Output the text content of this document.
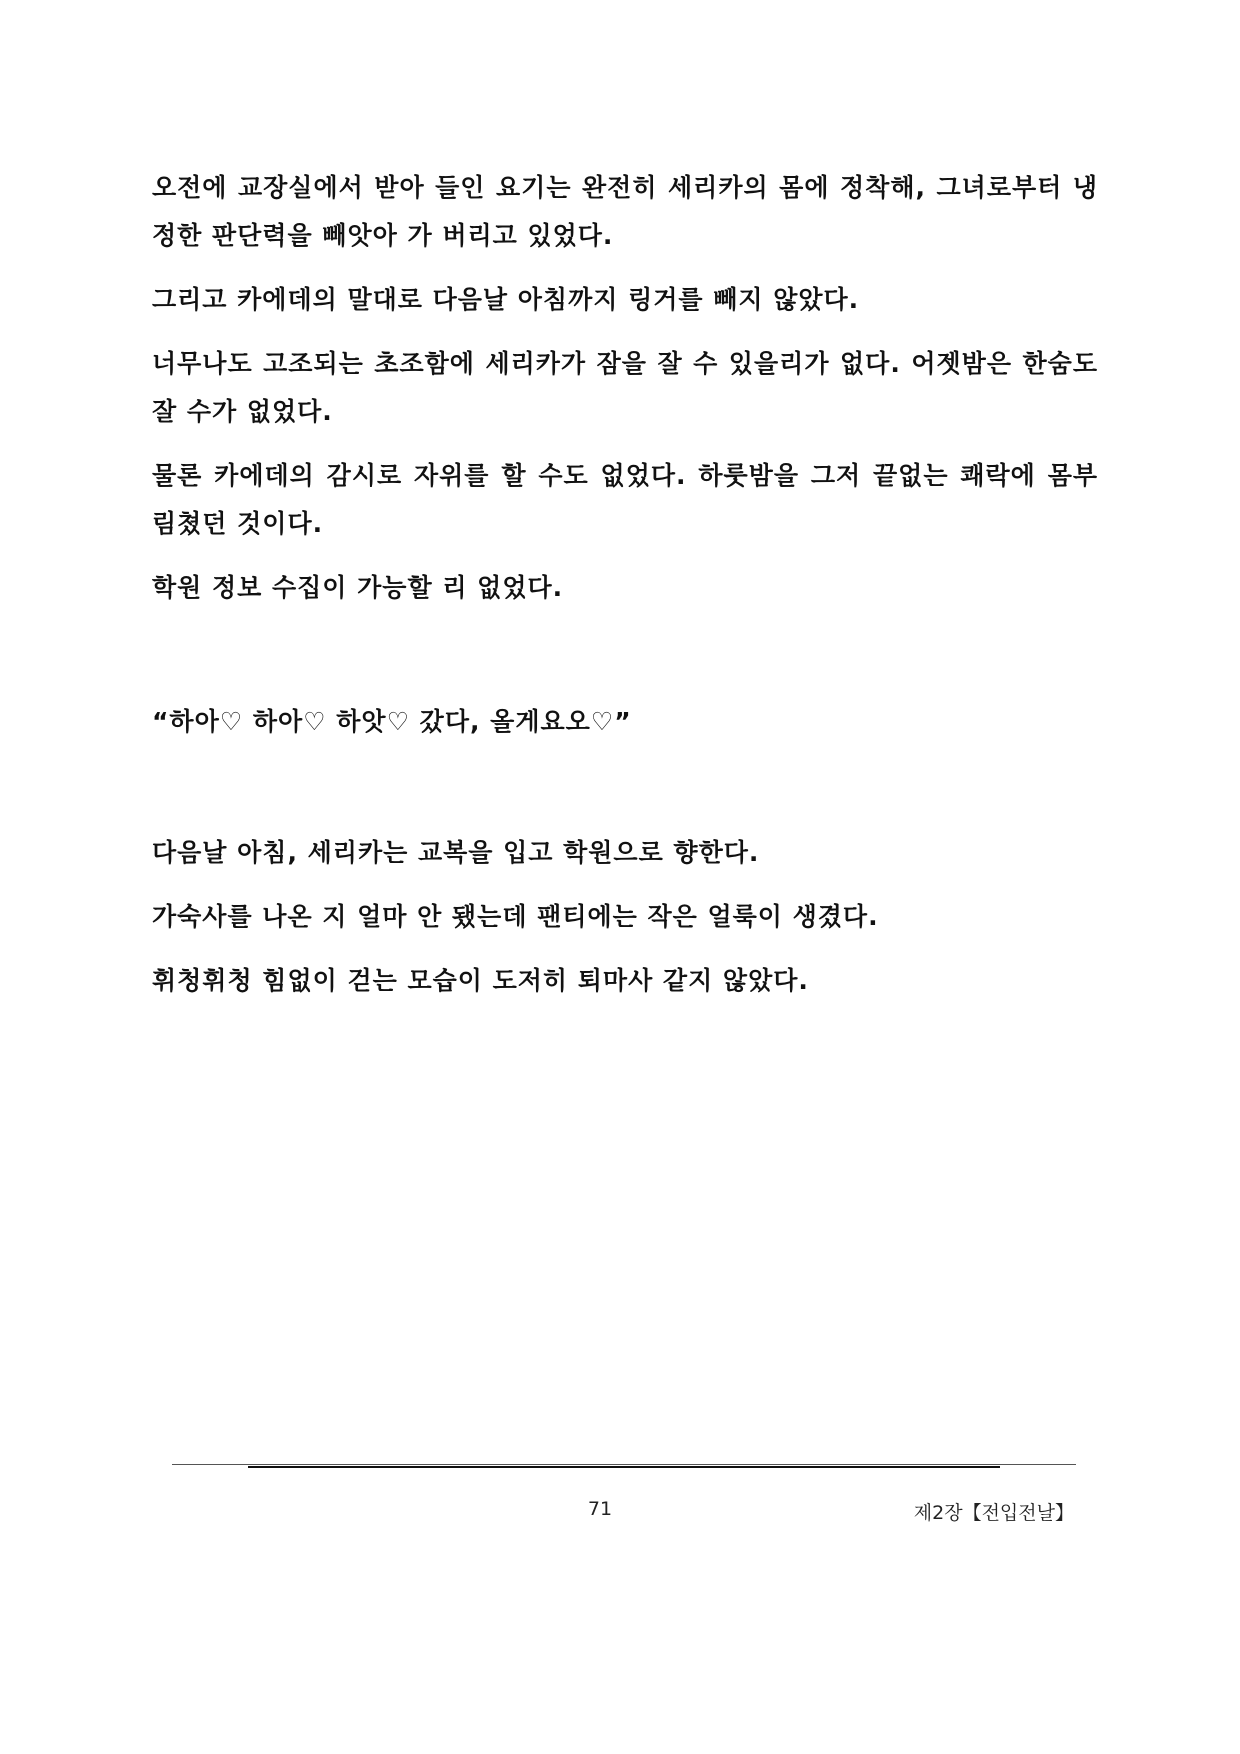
오전에 교장실에서 받아 들인 요기는 완전히 세리카의 몸에 정착해, 그녀로부터 냉정한 판단력을 빼앗아 가 버리고 있었다.

그리고 카에데의 말대로 다음날 아침까지 링거를 빼지 않았다.

너무나도 고조되는 초조함에 세리카가 잠을 잘 수 있을리가 없다. 어젯밤은 한숨도 잘 수가 없었다.

물론 카에데의 감시로 자위를 할 수도 없었다. 하룻밤을 그저 끝없는 쾌락에 몸부림쳤던 것이다.

학원 정보 수집이 가능할 리 없었다.

“하아♡ 하아♡ 하앗♡ 갔다, 올게요오♡”

다음날 아침, 세리카는 교복을 입고 학원으로 향한다.

가숙사를 나온 지 얼마 안 됐는데 팬티에는 작은 얼룩이 생겼다.

휘청휘청 힘없이 걷는 모습이 도저히 퇴마사 같지 않았다.

71	제2장【전입전날】
